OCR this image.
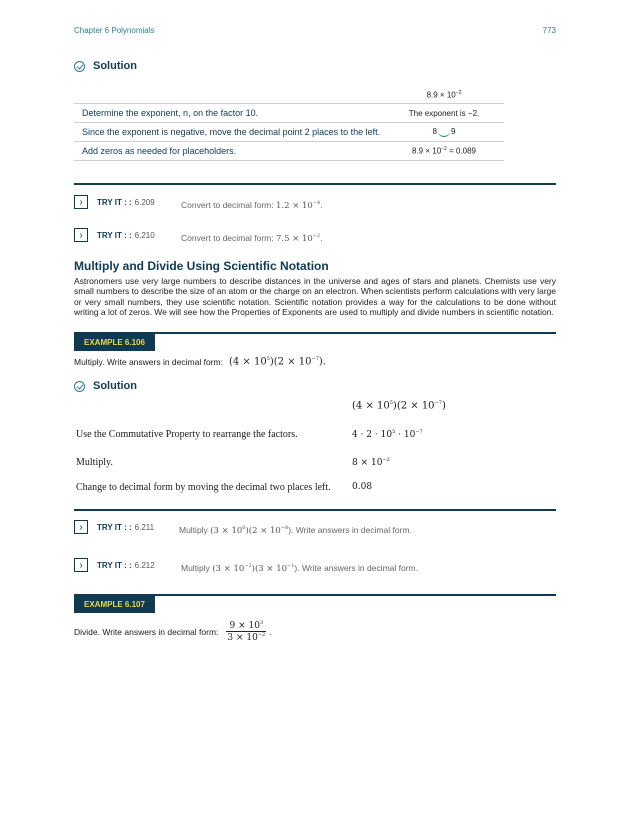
Chapter 6 Polynomials	773
Solution
$8.9 \times 10^{-2}$
Determine the exponent, n, on the factor 10.	The exponent is −2.
Since the exponent is negative, move the decimal point 2 places to the left.	8 9
Add zeros as needed for placeholders.	$8.9 \times 10^{-2} = 0.089$
›	TRY IT : : 6.209	Convert to decimal form: $1.2 \times 10^{-4}$.
›	TRY IT : : 6.210	Convert to decimal form: $7.5 \times 10^{-2}$.
Multiply and Divide Using Scientific Notation
Astronomers use very large numbers to describe distances in the universe and ages of stars and planets. Chemists use very small numbers to describe the size of an atom or the charge on an electron. When scientists perform calculations with very large or very small numbers, they use scientific notation. Scientific notation provides a way for the calculations to be done without writing a lot of zeros. We will see how the Properties of Exponents are used to multiply and divide numbers in scientific notation.
EXAMPLE 6.106
Multiply. Write answers in decimal form: $(4 \times 10^5)(2 \times 10^{-7})$.
Solution
$(4 \times 10^5)(2 \times 10^{-7})$
Use the Commutative Property to rearrange the factors.	$4 \cdot 2 \cdot 10^5 \cdot 10^{-7}$
Multiply.	$8 \times 10^{-2}$
Change to decimal form by moving the decimal two places left.	0.08
›	TRY IT : : 6.211	Multiply $(3 \times 10^6)(2 \times 10^{-8})$. Write answers in decimal form.
›	TRY IT : : 6.212	Multiply $(3 \times 10^{-2})(3 \times 10^{-1})$. Write answers in decimal form.
EXAMPLE 6.107
Divide. Write answers in decimal form: $\frac{9 \times 10^3}{3 \times 10^{-2}}$ .
